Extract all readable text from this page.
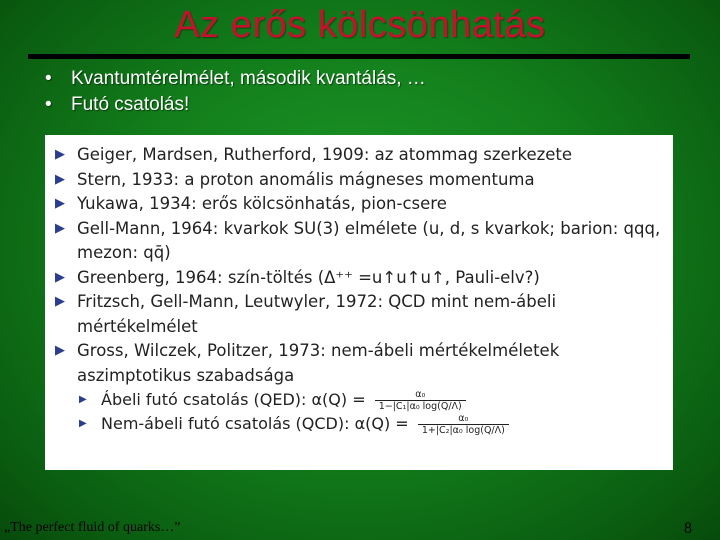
Az erős kölcsönhatás
• Kvantumtérelmélet, második kvantálás, …
• Futó csatolás!
▶ Geiger, Mardsen, Rutherford, 1909: az atommag szerkezete
▶ Stern, 1933: a proton anomális mágneses momentuma
▶ Yukawa, 1934: erős kölcsönhatás, pion-csere
▶ Gell-Mann, 1964: kvarkok SU(3) elmélete (u, d, s kvarkok; barion: qqq,
mezon: qq̄)
▶ Greenberg, 1964: szín-töltés (Δ⁺⁺ =u↑u↑u↑, Pauli-elv?)
▶ Fritzsch, Gell-Mann, Leutwyler, 1972: QCD mint nem-ábeli
mértékelmélet
▶ Gross, Wilczek, Politzer, 1973: nem-ábeli mértékelméletek
aszimptotikus szabadsága
▶ Ábeli futó csatolás (QED): $\alpha(Q) = \frac{\text{α₀}}{\text{1−|C₁|α₀ log(Q/Λ)}}$
▶ Nem-ábeli futó csatolás (QCD): $\alpha(Q) = \frac{\text{α₀}}{\text{1+|C₂|α₀ log(Q/Λ)}}$
„The perfect fluid of quarks…”	8
